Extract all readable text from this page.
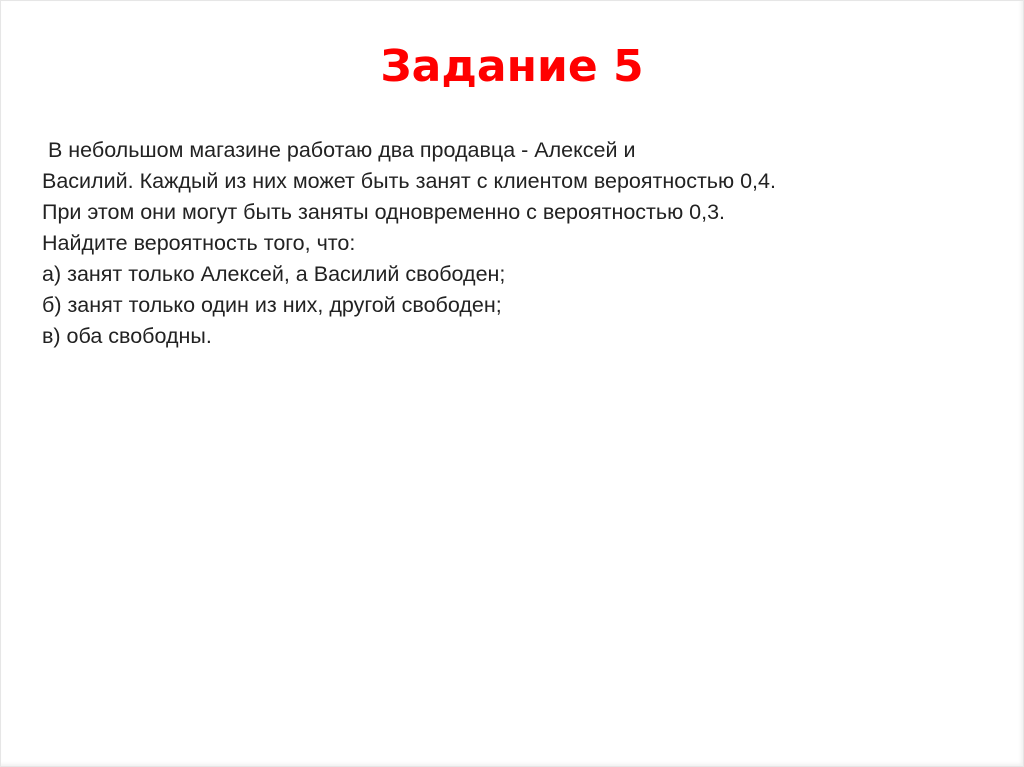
Задание 5
В небольшом магазине работаю два продавца - Алексей и
Василий. Каждый из них может быть занят с клиентом вероятностью 0,4.
При этом они могут быть заняты одновременно с вероятностью 0,3.
Найдите вероятность того, что:
а) занят только Алексей, а Василий свободен;
б) занят только один из них, другой свободен;
в) оба свободны.
